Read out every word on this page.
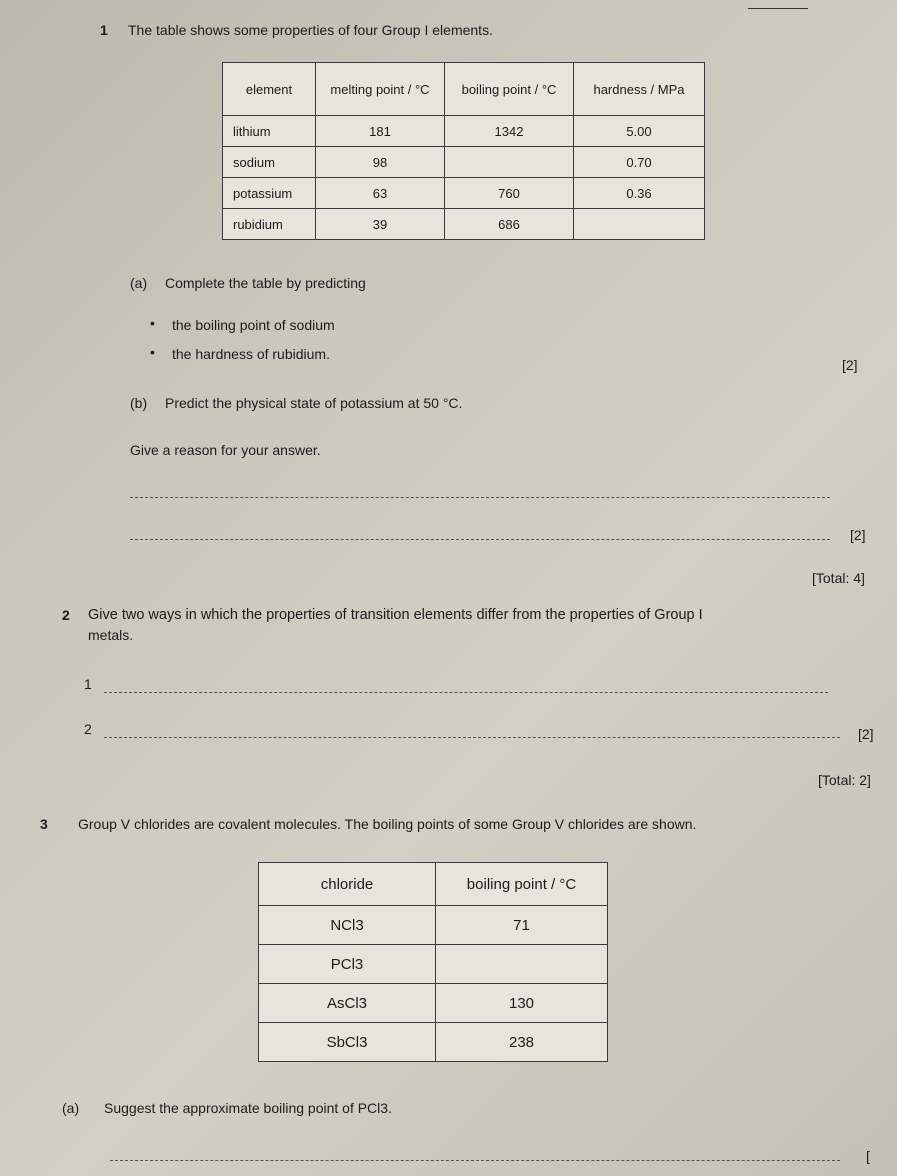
1 The table shows some properties of four Group I elements.
element	melting point / °C	boiling point / °C	hardness / MPa
lithium	181	1342	5.00
sodium	98		0.70
potassium	63	760	0.36
rubidium	39	686	
(a) Complete the table by predicting
• the boiling point of sodium
• the hardness of rubidium.
[2]
(b) Predict the physical state of potassium at 50 °C.
Give a reason for your answer.
[2]
[Total: 4]
2 Give two ways in which the properties of transition elements differ from the properties of Group I
metals.
1
2	[2]
[Total: 2]
3 Group V chlorides are covalent molecules. The boiling points of some Group V chlorides are shown.
chloride	boiling point / °C
NCl3	71
PCl3	
AsCl3	130
SbCl3	238
(a) Suggest the approximate boiling point of PCl3.
[
